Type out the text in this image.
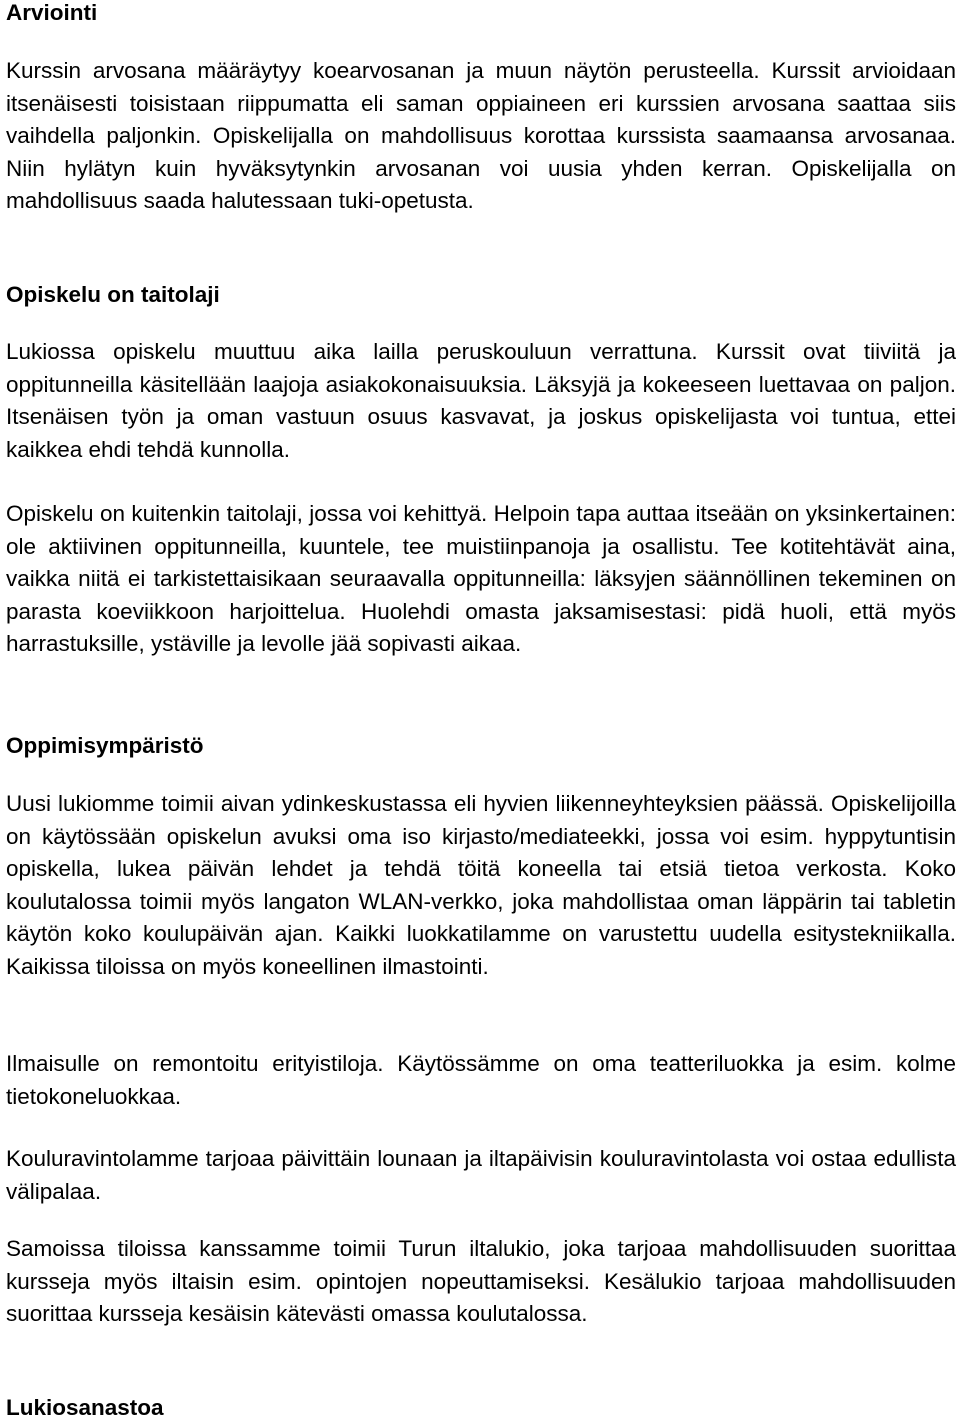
Arviointi

Kurssin arvosana määräytyy koearvosanan ja muun näytön perusteella. Kurssit arvioidaan itsenäisesti toisistaan riippumatta eli saman oppiaineen eri kurssien arvosana saattaa siis vaihdella paljonkin. Opiskelijalla on mahdollisuus korottaa kurssista saamaansa arvosanaa. Niin hylätyn kuin hyväksytynkin arvosanan voi uusia yhden kerran. Opiskelijalla on mahdollisuus saada halutessaan tuki-opetusta.

Opiskelu on taitolaji

Lukiossa opiskelu muuttuu aika lailla peruskouluun verrattuna. Kurssit ovat tiiviitä ja oppitunneilla käsitellään laajoja asiakokonaisuuksia. Läksyjä ja kokeeseen luettavaa on paljon. Itsenäisen työn ja oman vastuun osuus kasvavat, ja joskus opiskelijasta voi tuntua, ettei kaikkea ehdi tehdä kunnolla.

Opiskelu on kuitenkin taitolaji, jossa voi kehittyä. Helpoin tapa auttaa itseään on yksinkertainen: ole aktiivinen oppitunneilla, kuuntele, tee muistiinpanoja ja osallistu. Tee kotitehtävät aina, vaikka niitä ei tarkistettaisikaan seuraavalla oppitunneilla: läksyjen säännöllinen tekeminen on parasta koeviikkoon harjoittelua. Huolehdi omasta jaksamisestasi: pidä huoli, että myös harrastuksille, ystäville ja levolle jää sopivasti aikaa.

Oppimisympäristö

Uusi lukiomme toimii aivan ydinkeskustassa eli hyvien liikenneyhteyksien päässä. Opiskelijoilla on käytössään opiskelun avuksi oma iso kirjasto/mediateekki, jossa voi esim. hyppytuntisin opiskella, lukea päivän lehdet ja tehdä töitä koneella tai etsiä tietoa verkosta. Koko koulutalossa toimii myös langaton WLAN-verkko, joka mahdollistaa oman läppärin tai tabletin käytön koko koulupäivän ajan. Kaikki luokkatilamme on varustettu uudella esitystekniikalla. Kaikissa tiloissa on myös koneellinen ilmastointi.

Ilmaisulle on remontoitu erityistiloja. Käytössämme on oma teatteriluokka ja esim. kolme tietokoneluokkaa.

Kouluravintolamme tarjoaa päivittäin lounaan ja iltapäivisin kouluravintolasta voi ostaa edullista välipalaa.

Samoissa tiloissa kanssamme toimii Turun iltalukio, joka tarjoaa mahdollisuuden suorittaa kursseja myös iltaisin esim. opintojen nopeuttamiseksi. Kesälukio tarjoaa mahdollisuuden suorittaa kursseja kesäisin kätevästi omassa koulutalossa.

Lukiosanastoa
